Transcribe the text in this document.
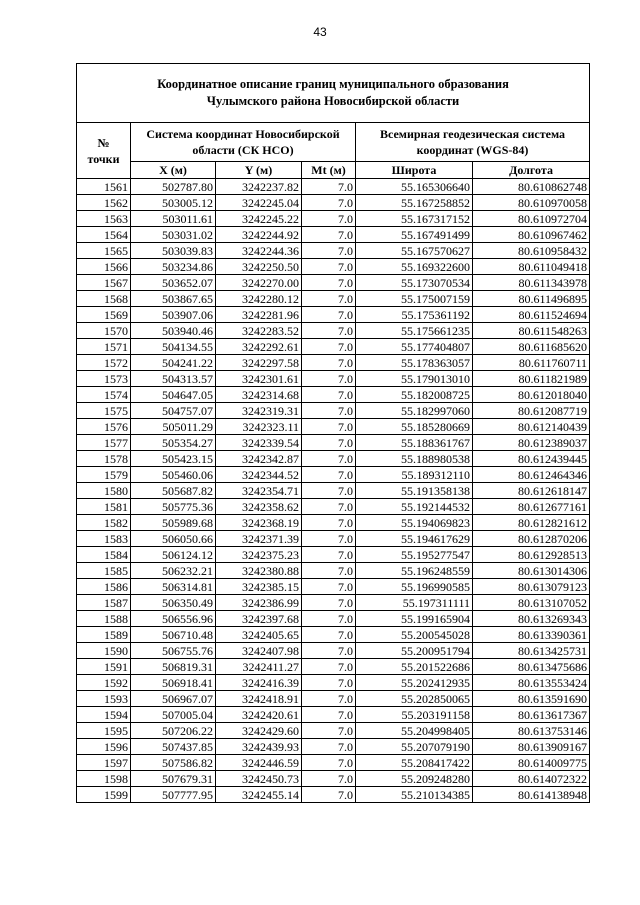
43
Координатное описание границ муниципального образования
Чулымского района Новосибирской области					

№
точки	Система координат Новосибирской области (СК НСО)			Всемирная геодезическая система координат (WGS-84)	
	X (м)	Y (м)	Mt (м)	Широта	Долгота
1561	502787.80	3242237.82	7.0	55.165306640	80.610862748
1562	503005.12	3242245.04	7.0	55.167258852	80.610970058
1563	503011.61	3242245.22	7.0	55.167317152	80.610972704
1564	503031.02	3242244.92	7.0	55.167491499	80.610967462
1565	503039.83	3242244.36	7.0	55.167570627	80.610958432
1566	503234.86	3242250.50	7.0	55.169322600	80.611049418
1567	503652.07	3242270.00	7.0	55.173070534	80.611343978
1568	503867.65	3242280.12	7.0	55.175007159	80.611496895
1569	503907.06	3242281.96	7.0	55.175361192	80.611524694
1570	503940.46	3242283.52	7.0	55.175661235	80.611548263
1571	504134.55	3242292.61	7.0	55.177404807	80.611685620
1572	504241.22	3242297.58	7.0	55.178363057	80.611760711
1573	504313.57	3242301.61	7.0	55.179013010	80.611821989
1574	504647.05	3242314.68	7.0	55.182008725	80.612018040
1575	504757.07	3242319.31	7.0	55.182997060	80.612087719
1576	505011.29	3242323.11	7.0	55.185280669	80.612140439
1577	505354.27	3242339.54	7.0	55.188361767	80.612389037
1578	505423.15	3242342.87	7.0	55.188980538	80.612439445
1579	505460.06	3242344.52	7.0	55.189312110	80.612464346
1580	505687.82	3242354.71	7.0	55.191358138	80.612618147
1581	505775.36	3242358.62	7.0	55.192144532	80.612677161
1582	505989.68	3242368.19	7.0	55.194069823	80.612821612
1583	506050.66	3242371.39	7.0	55.194617629	80.612870206
1584	506124.12	3242375.23	7.0	55.195277547	80.612928513
1585	506232.21	3242380.88	7.0	55.196248559	80.613014306
1586	506314.81	3242385.15	7.0	55.196990585	80.613079123
1587	506350.49	3242386.99	7.0	55.197311111	80.613107052
1588	506556.96	3242397.68	7.0	55.199165904	80.613269343
1589	506710.48	3242405.65	7.0	55.200545028	80.613390361
1590	506755.76	3242407.98	7.0	55.200951794	80.613425731
1591	506819.31	3242411.27	7.0	55.201522686	80.613475686
1592	506918.41	3242416.39	7.0	55.202412935	80.613553424
1593	506967.07	3242418.91	7.0	55.202850065	80.613591690
1594	507005.04	3242420.61	7.0	55.203191158	80.613617367
1595	507206.22	3242429.60	7.0	55.204998405	80.613753146
1596	507437.85	3242439.93	7.0	55.207079190	80.613909167
1597	507586.82	3242446.59	7.0	55.208417422	80.614009775
1598	507679.31	3242450.73	7.0	55.209248280	80.614072322
1599	507777.95	3242455.14	7.0	55.210134385	80.614138948
